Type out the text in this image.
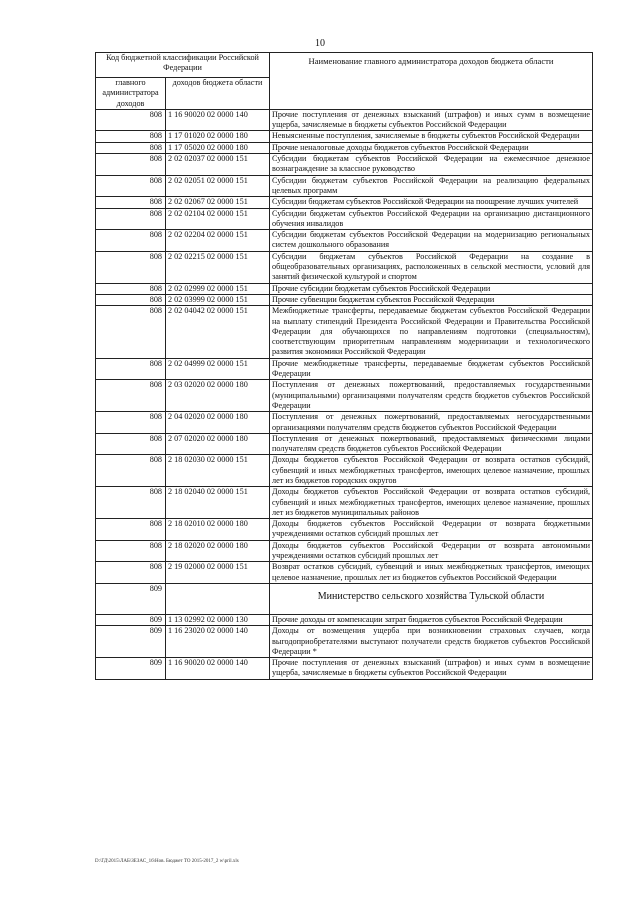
10
Код бюджетной классификации Российской Федерации		Наименование главного администратора доходов бюджета области
главного администратора доходов	доходов бюджета области	
808	1 16 90020 02 0000 140	Прочие поступления от денежных взысканий (штрафов) и иных сумм в возмещение ущерба, зачисляемые в бюджеты субъектов Российской Федерации
808	1 17 01020 02 0000 180	Невыясненные поступления, зачисляемые в бюджеты субъектов Российской Федерации
808	1 17 05020 02 0000 180	Прочие неналоговые доходы бюджетов субъектов Российской Федерации
808	2 02 02037 02 0000 151	Субсидии бюджетам субъектов Российской Федерации на ежемесячное денежное вознаграждение за классное руководство
808	2 02 02051 02 0000 151	Субсидии бюджетам субъектов Российской Федерации на реализацию федеральных целевых программ
808	2 02 02067 02 0000 151	Субсидии бюджетам субъектов Российской Федерации на поощрение лучших учителей
808	2 02 02104 02 0000 151	Субсидии бюджетам субъектов Российской Федерации на организацию дистанционного обучения инвалидов
808	2 02 02204 02 0000 151	Субсидии бюджетам субъектов Российской Федерации на модернизацию региональных систем дошкольного образования
808	2 02 02215 02 0000 151	Субсидии бюджетам субъектов Российской Федерации на создание в общеобразовательных организациях, расположенных в сельской местности, условий для занятий физической культурой и спортом
808	2 02 02999 02 0000 151	Прочие субсидии бюджетам субъектов Российской Федерации
808	2 02 03999 02 0000 151	Прочие субвенции бюджетам субъектов Российской Федерации
808	2 02 04042 02 0000 151	Межбюджетные трансферты, передаваемые бюджетам субъектов Российской Федерации на выплату стипендий Президента Российской Федерации и Правительства Российской Федерации для обучающихся по направлениям подготовки (специальностям), соответствующим приоритетным направлениям модернизации и технологического развития экономики Российской Федерации
808	2 02 04999 02 0000 151	Прочие межбюджетные трансферты, передаваемые бюджетам субъектов Российской Федерации
808	2 03 02020 02 0000 180	Поступления от денежных пожертвований, предоставляемых государственными (муниципальными) организациями получателям средств бюджетов субъектов Российской Федерации
808	2 04 02020 02 0000 180	Поступления от денежных пожертвований, предоставляемых негосударственными организациями получателям средств бюджетов субъектов Российской Федерации
808	2 07 02020 02 0000 180	Поступления от денежных пожертвований, предоставляемых физическими лицами получателям средств бюджетов субъектов Российской Федерации
808	2 18 02030 02 0000 151	Доходы бюджетов субъектов Российской Федерации от возврата остатков субсидий, субвенций и иных межбюджетных трансфертов, имеющих целевое назначение, прошлых лет из бюджетов городских округов
808	2 18 02040 02 0000 151	Доходы бюджетов субъектов Российской Федерации от возврата остатков субсидий, субвенций и иных межбюджетных трансфертов, имеющих целевое назначение, прошлых лет из бюджетов муниципальных районов
808	2 18 02010 02 0000 180	Доходы бюджетов субъектов Российской Федерации от возврата бюджетными учреждениями остатков субсидий прошлых лет
808	2 18 02020 02 0000 180	Доходы бюджетов субъектов Российской Федерации от возврата автономными учреждениями остатков субсидий прошлых лет
808	2 19 02000 02 0000 151	Возврат остатков субсидий, субвенций и иных межбюджетных трансфертов, имеющих целевое назначение, прошлых лет из бюджетов субъектов Российской Федерации
809		Министерство сельского хозяйства Тульской области
809	1 13 02992 02 0000 130	Прочие доходы от компенсации затрат бюджетов субъектов Российской Федерации
809	1 16 23020 02 0000 140	Доходы от возмещения ущерба при возникновении страховых случаев, когда выгодоприобретателями выступают получатели средств бюджетов субъектов Российской Федерации *
809	1 16 90020 02 0000 140	Прочие поступления от денежных взысканий (штрафов) и иных сумм в возмещение ущерба, зачисляемые в бюджеты субъектов Российской Федерации
D:\ГД\2015\ЛАБ\ЗЕЗАС_16\Нов. Бюджет ТО 2015-2017_2 w\pril.xls
